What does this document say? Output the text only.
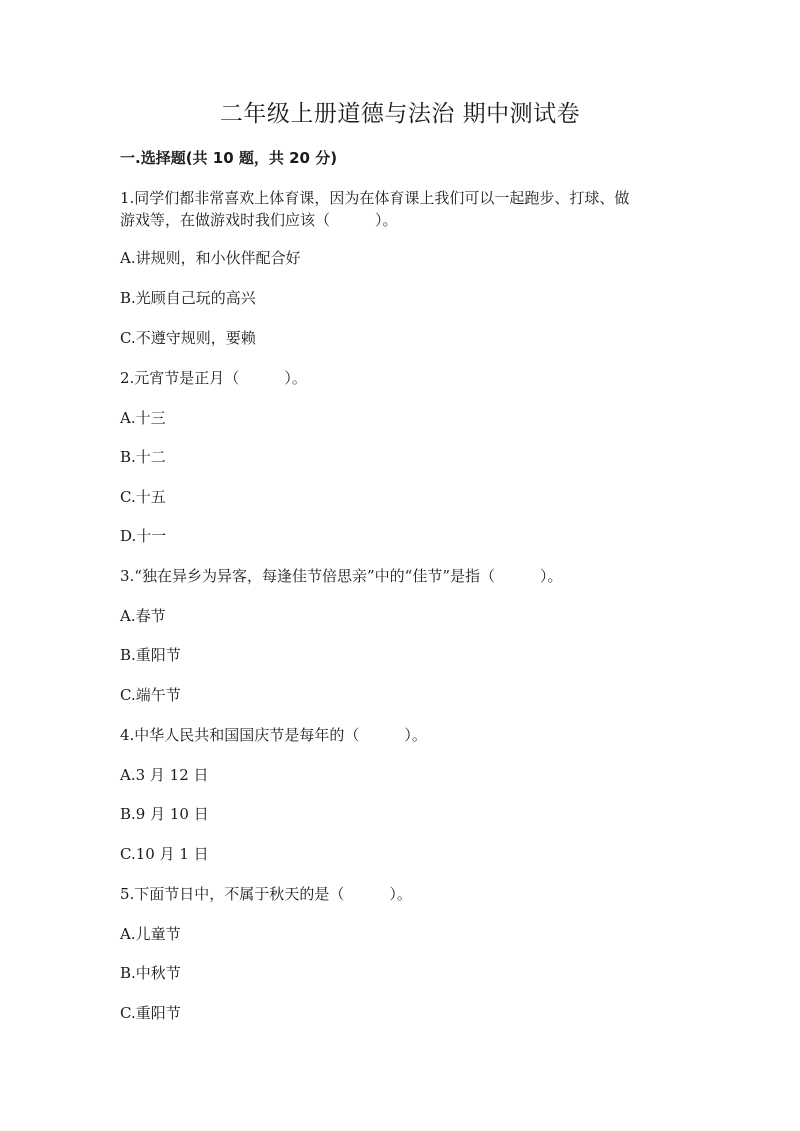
二年级上册道德与法治 期中测试卷
一.选择题(共 10 题，共 20 分)
1.同学们都非常喜欢上体育课，因为在体育课上我们可以一起跑步、打球、做
游戏等，在做游戏时我们应该（　　　）。
A.讲规则，和小伙伴配合好
B.光顾自己玩的高兴
C.不遵守规则，要赖
2.元宵节是正月（　　　）。
A.十三
B.十二
C.十五
D.十一
3.“独在异乡为异客，每逢佳节倍思亲”中的“佳节”是指（　　　）。
A.春节
B.重阳节
C.端午节
4.中华人民共和国国庆节是每年的（　　　）。
A.3 月 12 日
B.9 月 10 日
C.10 月 1 日
5.下面节日中，不属于秋天的是（　　　）。
A.儿童节
B.中秋节
C.重阳节
